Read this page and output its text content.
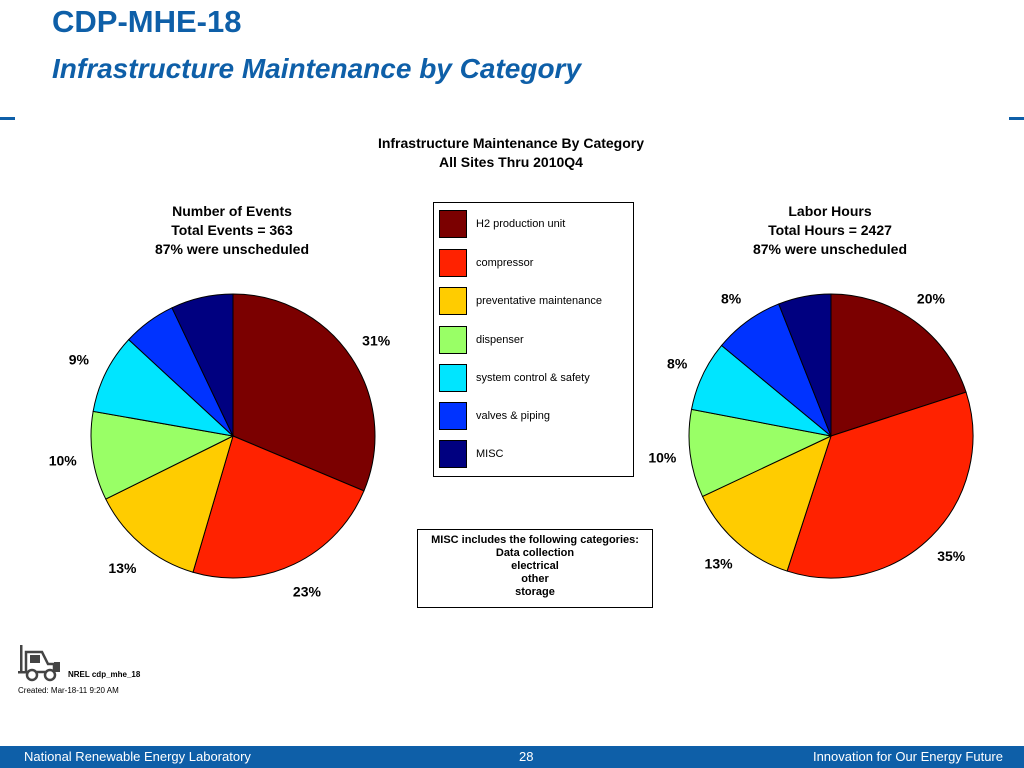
CDP-MHE-18
Infrastructure Maintenance by Category
31%
23%
13%
10%
9%
20%
35%
13%
10%
8%
8%
Infrastructure Maintenance By Category
All Sites Thru 2010Q4
Number of Events
Total Events = 363
87% were unscheduled
Labor Hours
Total Hours = 2427
87% were unscheduled
H2 production unit
compressor
preventative maintenance
dispenser
system control & safety
valves & piping
MISC
MISC includes the following categories:
Data collection
electrical
other
storage
NREL cdp_mhe_18
Created: Mar-18-11 9:20 AM
National Renewable Energy Laboratory	28	Innovation for Our Energy Future
